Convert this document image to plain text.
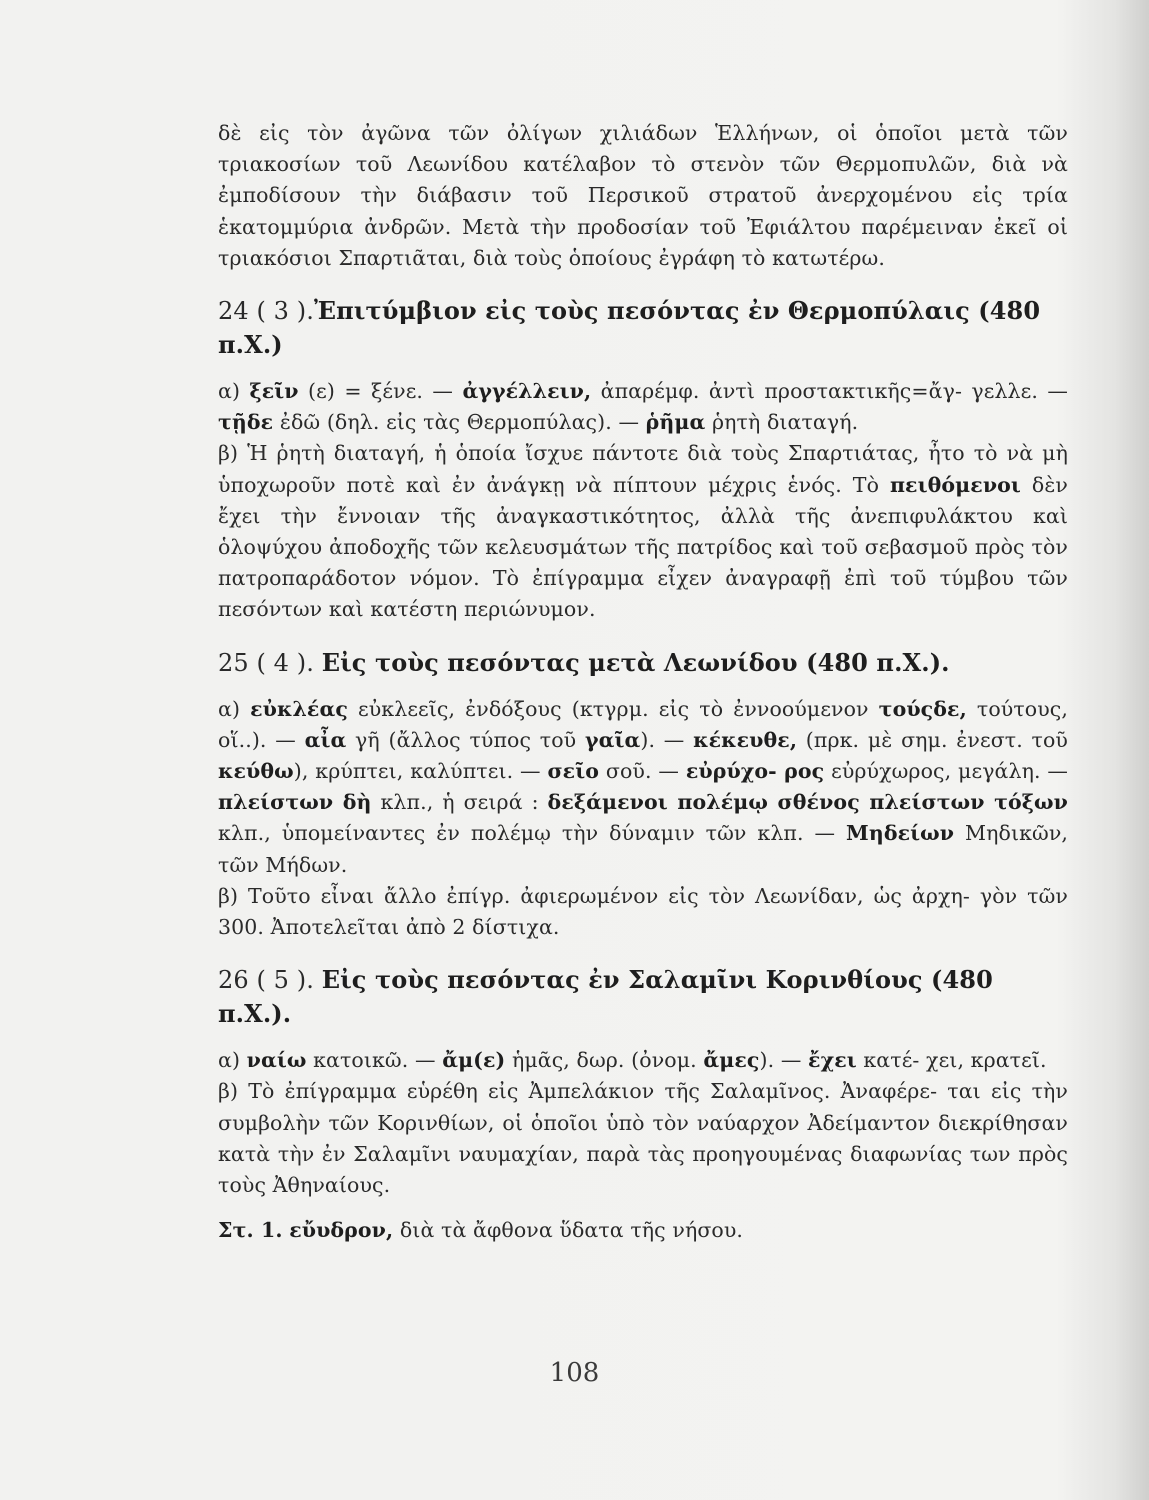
δὲ εἰς τὸν ἀγῶνα τῶν ὀλίγων χιλιάδων Ἑλλήνων, οἱ ὁποῖοι μετὰ τῶν τριακοσίων τοῦ Λεωνίδου κατέλαβον τὸ στενὸν τῶν Θερμοπυλῶν, διὰ νὰ ἐμποδίσουν τὴν διάβασιν τοῦ Περσικοῦ στρατοῦ ἀνερχομένου εἰς τρία ἑκατομμύρια ἀνδρῶν. Μετὰ τὴν προδοσίαν τοῦ Ἐφιάλτου παρέμειναν ἐκεῖ οἱ τριακόσιοι Σπαρτιᾶται, διὰ τοὺς ὁποίους ἐγράφη τὸ κατωτέρω.

24 ( 3 ).Ἐπιτύμβιον εἰς τοὺς πεσόντας ἐν Θερμοπύλαις (480 π.Χ.)

α) ξεῖν (ε) = ξένε. — ἀγγέλλειν, ἀπαρέμφ. ἀντὶ προστακτικῆς=ἄγ- γελλε. — τῇδε ἐδῶ (δηλ. εἰς τὰς Θερμοπύλας). — ῥῆμα ῥητὴ διαταγή.

β) Ἡ ῥητὴ διαταγή, ἡ ὁποία ἴσχυε πάντοτε διὰ τοὺς Σπαρτιάτας, ἦτο τὸ νὰ μὴ ὑποχωροῦν ποτὲ καὶ ἐν ἀνάγκῃ νὰ πίπτουν μέχρις ἑνός. Τὸ πειθόμενοι δὲν ἔχει τὴν ἔννοιαν τῆς ἀναγκαστικότητος, ἀλλὰ τῆς ἀνεπιφυλάκτου καὶ ὁλοψύχου ἀποδοχῆς τῶν κελευσμάτων τῆς πατρίδος καὶ τοῦ σεβασμοῦ πρὸς τὸν πατροπαράδοτον νόμον. Τὸ ἐπίγραμμα εἶχεν ἀναγραφῇ ἐπὶ τοῦ τύμβου τῶν πεσόντων καὶ κατέστη περιώνυμον.

25 ( 4 ). Εἰς τοὺς πεσόντας μετὰ Λεωνίδου (480 π.Χ.).

α) εὐκλέας εὐκλεεῖς, ἐνδόξους (κτγρμ. εἰς τὸ ἐννοούμενον τούςδε, τούτους, οἵ..). — αἶα γῆ (ἄλλος τύπος τοῦ γαῖα). — κέκευθε, (πρκ. μὲ σημ. ἐνεστ. τοῦ κεύθω), κρύπτει, καλύπτει. — σεῖο σοῦ. — εὐρύχο- ρος εὐρύχωρος, μεγάλη. — πλείστων δὴ κλπ., ἡ σειρά : δεξάμενοι πολέμῳ σθένος πλείστων τόξων κλπ., ὑπομείναντες ἐν πολέμῳ τὴν δύναμιν τῶν κλπ. — Μηδείων Μηδικῶν, τῶν Μήδων.

β) Τοῦτο εἶναι ἄλλο ἐπίγρ. ἀφιερωμένον εἰς τὸν Λεωνίδαν, ὡς ἀρχη- γὸν τῶν 300. Ἀποτελεῖται ἀπὸ 2 δίστιχα.

26 ( 5 ). Εἰς τοὺς πεσόντας ἐν Σαλαμῖνι Κορινθίους (480 π.Χ.).

α) ναίω κατοικῶ. — ἄμ(ε) ἡμᾶς, δωρ. (ὀνομ. ἄμες). — ἔχει κατέ- χει, κρατεῖ.

β) Τὸ ἐπίγραμμα εὑρέθη εἰς Ἀμπελάκιον τῆς Σαλαμῖνος. Ἀναφέρε- ται εἰς τὴν συμβολὴν τῶν Κορινθίων, οἱ ὁποῖοι ὑπὸ τὸν ναύαρχον Ἀδείμαντον διεκρίθησαν κατὰ τὴν ἐν Σαλαμῖνι ναυμαχίαν, παρὰ τὰς προηγουμένας διαφωνίας των πρὸς τοὺς Ἀθηναίους.

Στ. 1. εὔυδρον, διὰ τὰ ἄφθονα ὕδατα τῆς νήσου.

108
